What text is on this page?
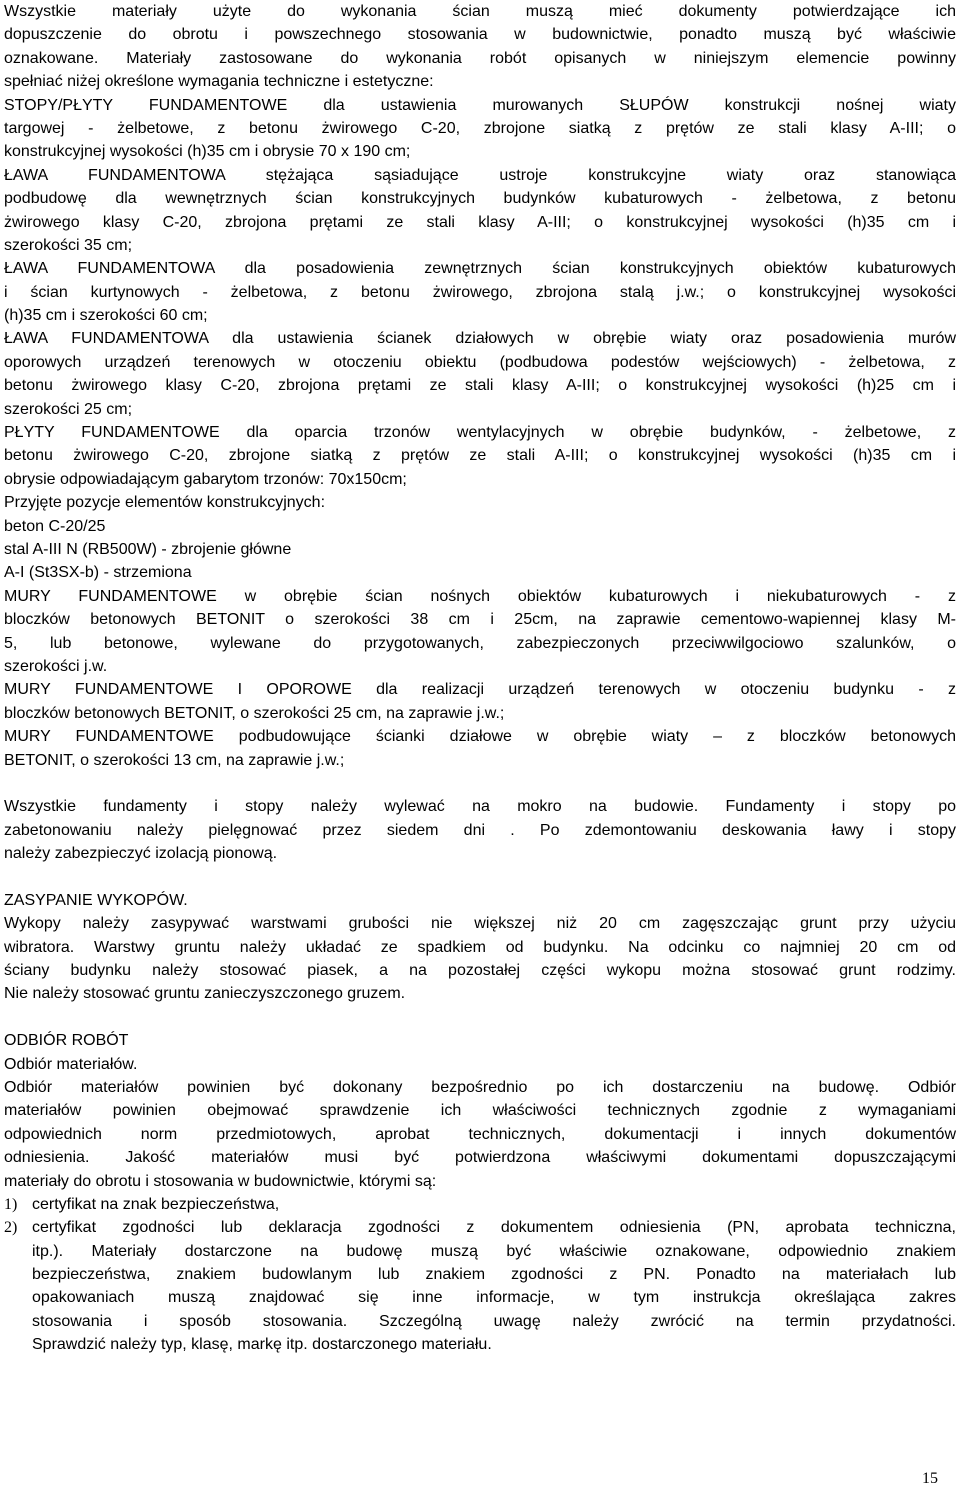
Wszystkie materiały użyte do wykonania ścian muszą mieć dokumenty potwierdzające ich
dopuszczenie do obrotu i powszechnego stosowania w budownictwie, ponadto muszą być właściwie
oznakowane. Materiały zastosowane do wykonania robót opisanych w niniejszym elemencie powinny
spełniać niżej określone wymagania techniczne i estetyczne:
STOPY/PŁYTY FUNDAMENTOWE dla ustawienia murowanych SŁUPÓW konstrukcji nośnej wiaty
targowej - żelbetowe, z betonu żwirowego C-20, zbrojone siatką z prętów ze stali klasy A-III; o
konstrukcyjnej wysokości (h)35 cm i obrysie 70 x 190 cm;
ŁAWA FUNDAMENTOWA stężająca sąsiadujące ustroje konstrukcyjne wiaty oraz stanowiąca
podbudowę dla wewnętrznych ścian konstrukcyjnych budynków kubaturowych - żelbetowa, z betonu
żwirowego klasy C-20, zbrojona prętami ze stali klasy A-III; o konstrukcyjnej wysokości (h)35 cm i
szerokości 35 cm;
ŁAWA FUNDAMENTOWA dla posadowienia zewnętrznych ścian konstrukcyjnych obiektów kubaturowych
i ścian kurtynowych - żelbetowa, z betonu żwirowego, zbrojona stalą j.w.; o konstrukcyjnej wysokości
(h)35 cm i szerokości 60 cm;
ŁAWA FUNDAMENTOWA dla ustawienia ścianek działowych w obrębie wiaty oraz posadowienia murów
oporowych urządzeń terenowych w otoczeniu obiektu (podbudowa podestów wejściowych) - żelbetowa, z
betonu żwirowego klasy C-20, zbrojona prętami ze stali klasy A-III; o konstrukcyjnej wysokości (h)25 cm i
szerokości 25 cm;
PŁYTY FUNDAMENTOWE dla oparcia trzonów wentylacyjnych w obrębie budynków, - żelbetowe, z
betonu żwirowego C-20, zbrojone siatką z prętów ze stali A-III; o konstrukcyjnej wysokości (h)35 cm i
obrysie odpowiadającym gabarytom trzonów: 70x150cm;
Przyjęte pozycje elementów konstrukcyjnych:
beton C-20/25
stal A-III N (RB500W) - zbrojenie główne
A-I (St3SX-b) - strzemiona
MURY FUNDAMENTOWE w obrębie ścian nośnych obiektów kubaturowych i niekubaturowych - z
bloczków betonowych BETONIT o szerokości 38 cm i 25cm, na zaprawie cementowo-wapiennej klasy M-
5, lub betonowe, wylewane do przygotowanych, zabezpieczonych przeciwwilgociowo szalunków, o
szerokości j.w.
MURY FUNDAMENTOWE I OPOROWE dla realizacji urządzeń terenowych w otoczeniu budynku - z
bloczków betonowych BETONIT, o szerokości 25 cm, na zaprawie j.w.;
MURY FUNDAMENTOWE podbudowujące ścianki działowe w obrębie wiaty – z bloczków betonowych
BETONIT, o szerokości 13 cm, na zaprawie j.w.;
Wszystkie fundamenty i stopy należy wylewać na mokro na budowie. Fundamenty i stopy po
zabetonowaniu należy pielęgnować przez siedem dni . Po zdemontowaniu deskowania ławy i stopy
należy zabezpieczyć izolacją pionową.
ZASYPANIE WYKOPÓW.
Wykopy należy zasypywać warstwami grubości nie większej niż 20 cm zagęszczając grunt przy użyciu
wibratora. Warstwy gruntu należy układać ze spadkiem od budynku. Na odcinku co najmniej 20 cm od
ściany budynku należy stosować piasek, a na pozostałej części wykopu można stosować grunt rodzimy.
Nie należy stosować gruntu zanieczyszczonego gruzem.
ODBIÓR ROBÓT
Odbiór materiałów.
Odbiór materiałów powinien być dokonany bezpośrednio po ich dostarczeniu na budowę. Odbiór
materiałów powinien obejmować sprawdzenie ich właściwości technicznych zgodnie z wymaganiami
odpowiednich norm przedmiotowych, aprobat technicznych, dokumentacji i innych dokumentów
odniesienia. Jakość materiałów musi być potwierdzona właściwymi dokumentami dopuszczającymi
materiały do obrotu i stosowania w budownictwie, którymi są:
1) certyfikat na znak bezpieczeństwa,
2) certyfikat zgodności lub deklaracja zgodności z dokumentem odniesienia (PN, aprobata techniczna,
itp.). Materiały dostarczone na budowę muszą być właściwie oznakowane, odpowiednio znakiem
bezpieczeństwa, znakiem budowlanym lub znakiem zgodności z PN. Ponadto na materiałach lub
opakowaniach muszą znajdować się inne informacje, w tym instrukcja określająca zakres
stosowania i sposób stosowania. Szczególną uwagę należy zwrócić na termin przydatności.
Sprawdzić należy typ, klasę, markę itp. dostarczonego materiału.
15
